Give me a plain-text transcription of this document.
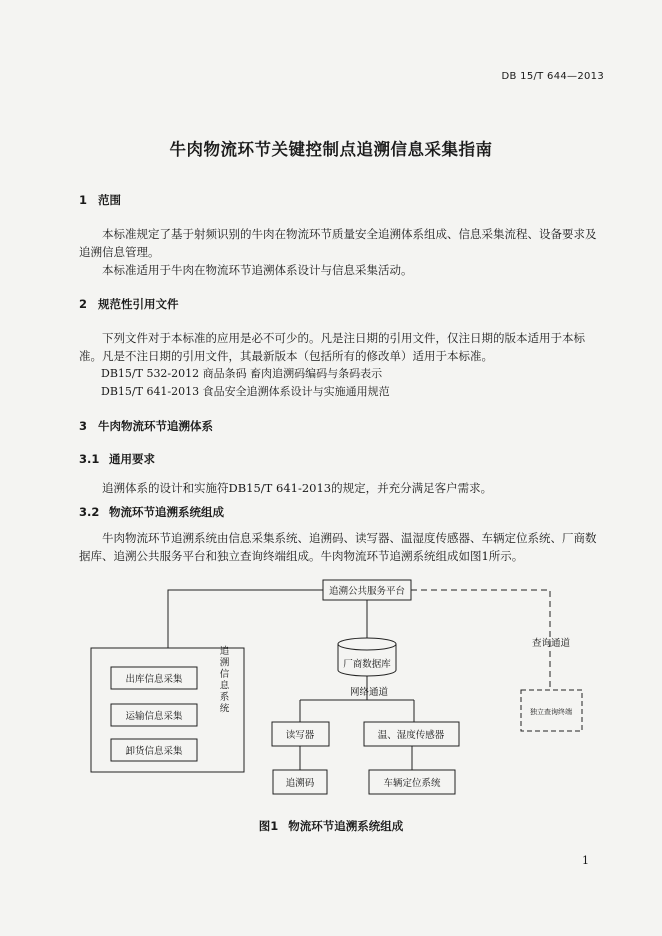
DB 15/T 644—2013
牛肉物流环节关键控制点追溯信息采集指南
1 范围
本标准规定了基于射频识别的牛肉在物流环节质量安全追溯体系组成、信息采集流程、设备要求及追溯信息管理。
本标准适用于牛肉在物流环节追溯体系设计与信息采集活动。
2 规范性引用文件
下列文件对于本标准的应用是必不可少的。凡是注日期的引用文件，仅注日期的版本适用于本标准。凡是不注日期的引用文件，其最新版本（包括所有的修改单）适用于本标准。
DB15/T 532-2012 商品条码 畜肉追溯码编码与条码表示
DB15/T 641-2013 食品安全追溯体系设计与实施通用规范
3 牛肉物流环节追溯体系
3.1 通用要求
追溯体系的设计和实施符DB15/T 641-2013的规定，并充分满足客户需求。
3.2 物流环节追溯系统组成
牛肉物流环节追溯系统由信息采集系统、追溯码、读写器、温湿度传感器、车辆定位系统、厂商数据库、追溯公共服务平台和独立查询终端组成。牛肉物流环节追溯系统组成如图1所示。
追溯公共服务平台
厂商数据库
网络通道
查询通道
独立查询终端
出库信息采集
运输信息采集
卸货信息采集
追溯信息系统
读写器	温、湿度传感器
追溯码	车辆定位系统
图1 物流环节追溯系统组成
1
